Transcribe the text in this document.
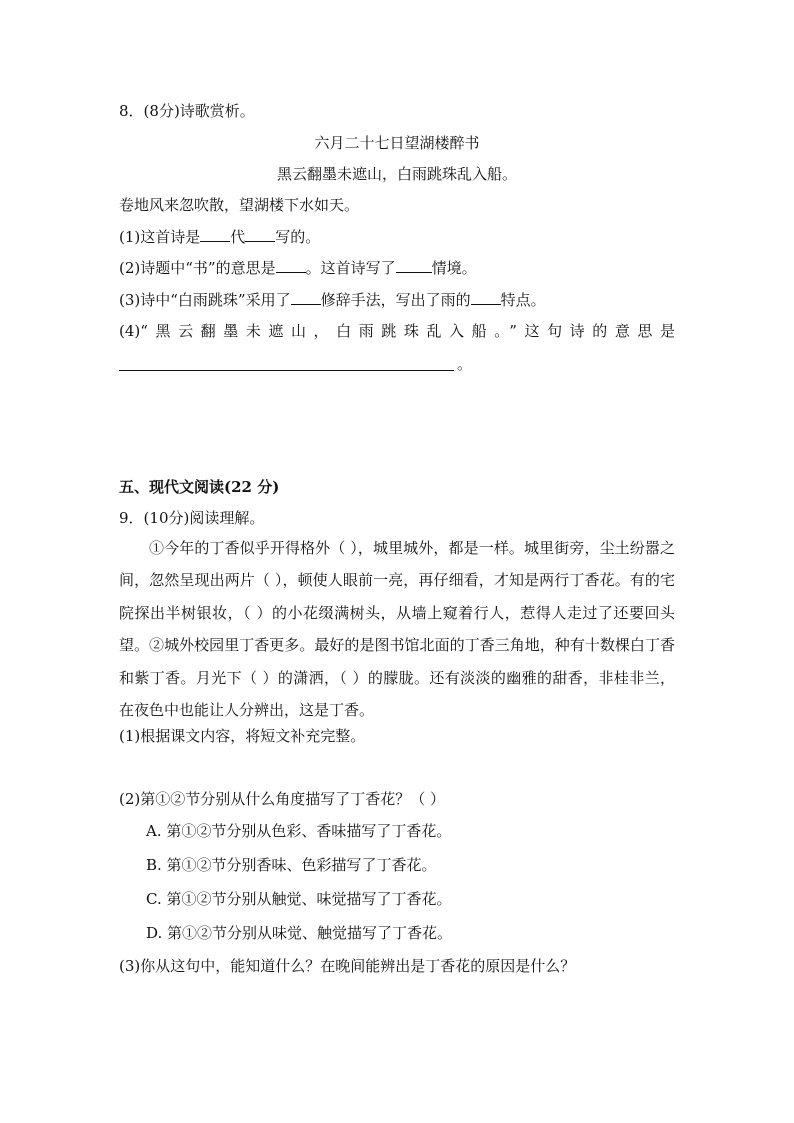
8．(8分)诗歌赏析。
六月二十七日望湖楼醉书
黑云翻墨未遮山，白雨跳珠乱入船。
卷地风来忽吹散，望湖楼下水如天。
(1)这首诗是 代 写的。
(2)诗题中“书”的意思是 。这首诗写了 情境。
(3)诗中“白雨跳珠”采用了 修辞手法，写出了雨的 特点。
(4)“黑云翻墨未遮山，白雨跳珠乱入船。”这句诗的意思是
。
五、现代文阅读(22 分)
9．(10分)阅读理解。
①今年的丁香似乎开得格外（ ），城里城外，都是一样。城里街旁，尘土纷嚣之间，忽然呈现出两片（ ），顿使人眼前一亮，再仔细看，才知是两行丁香花。有的宅院探出半树银妆，（ ）的小花缀满树头，从墙上窥着行人，惹得人走过了还要回头望。②城外校园里丁香更多。最好的是图书馆北面的丁香三角地，种有十数棵白丁香和紫丁香。月光下（ ）的潇洒，（ ）的朦胧。还有淡淡的幽雅的甜香，非桂非兰，在夜色中也能让人分辨出，这是丁香。
(1)根据课文内容，将短文补充完整。
(2)第①②节分别从什么角度描写了丁香花？（ ）
A. 第①②节分别从色彩、香味描写了丁香花。
B. 第①②节分别香味、色彩描写了丁香花。
C. 第①②节分别从触觉、味觉描写了丁香花。
D. 第①②节分别从味觉、触觉描写了丁香花。
(3)你从这句中，能知道什么？在晚间能辨出是丁香花的原因是什么？
